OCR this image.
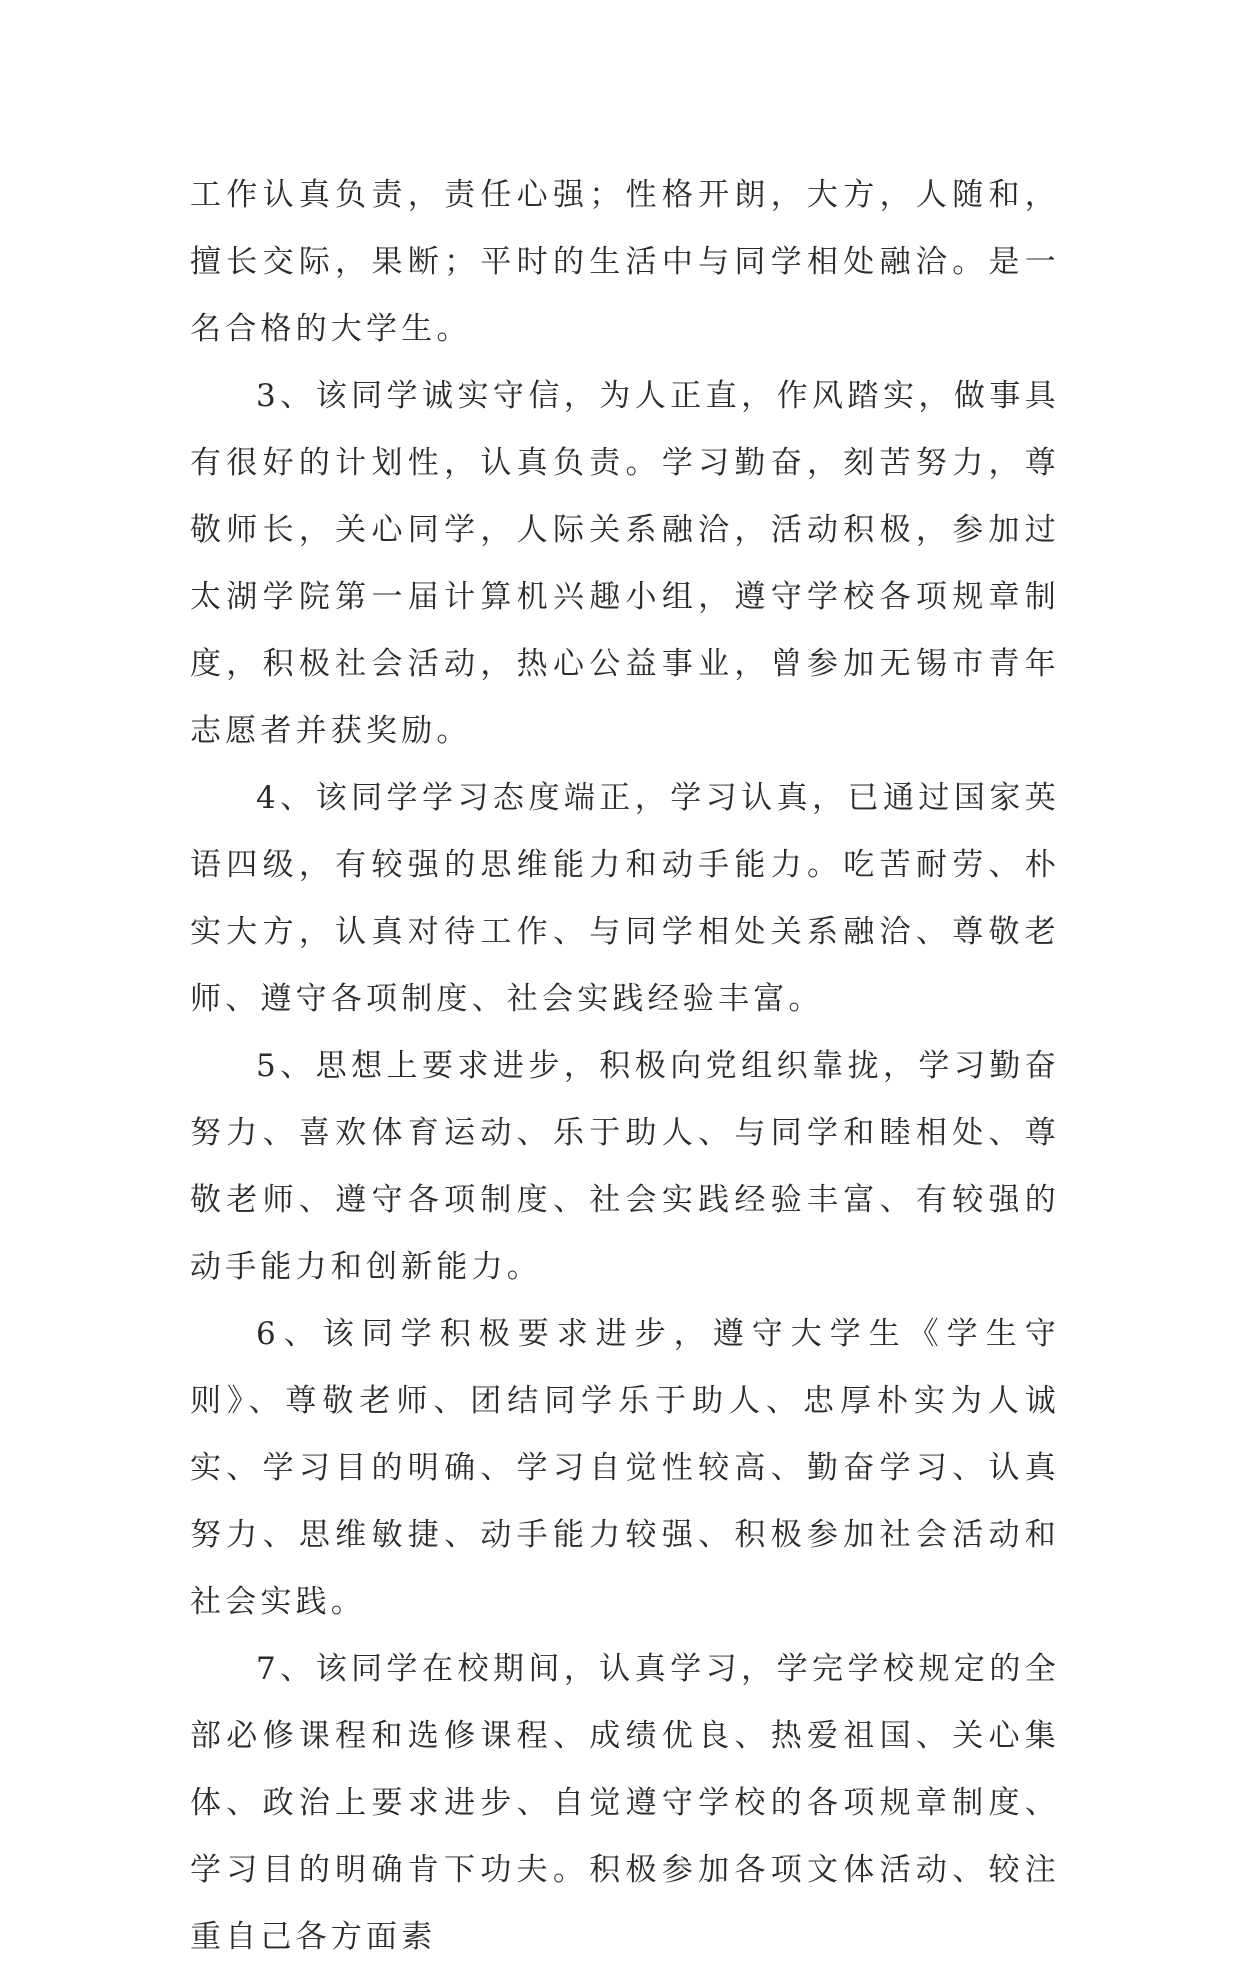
工作认真负责，责任心强；性格开朗，大方，人随和，擅长交际，果断；平时的生活中与同学相处融洽。是一名合格的大学生。

3、该同学诚实守信，为人正直，作风踏实，做事具有很好的计划性，认真负责。学习勤奋，刻苦努力，尊敬师长，关心同学，人际关系融洽，活动积极，参加过太湖学院第一届计算机兴趣小组，遵守学校各项规章制度，积极社会活动，热心公益事业，曾参加无锡市青年志愿者并获奖励。

4、该同学学习态度端正，学习认真，已通过国家英语四级，有较强的思维能力和动手能力。吃苦耐劳、朴实大方，认真对待工作、与同学相处关系融洽、尊敬老师、遵守各项制度、社会实践经验丰富。

5、思想上要求进步，积极向党组织靠拢，学习勤奋努力、喜欢体育运动、乐于助人、与同学和睦相处、尊敬老师、遵守各项制度、社会实践经验丰富、有较强的动手能力和创新能力。

6、该同学积极要求进步，遵守大学生《学生守则》、尊敬老师、团结同学乐于助人、忠厚朴实为人诚实、学习目的明确、学习自觉性较高、勤奋学习、认真努力、思维敏捷、动手能力较强、积极参加社会活动和社会实践。

7、该同学在校期间，认真学习，学完学校规定的全部必修课程和选修课程、成绩优良、热爱祖国、关心集体、政治上要求进步、自觉遵守学校的各项规章制度、学习目的明确肯下功夫。积极参加各项文体活动、较注重自己各方面素
